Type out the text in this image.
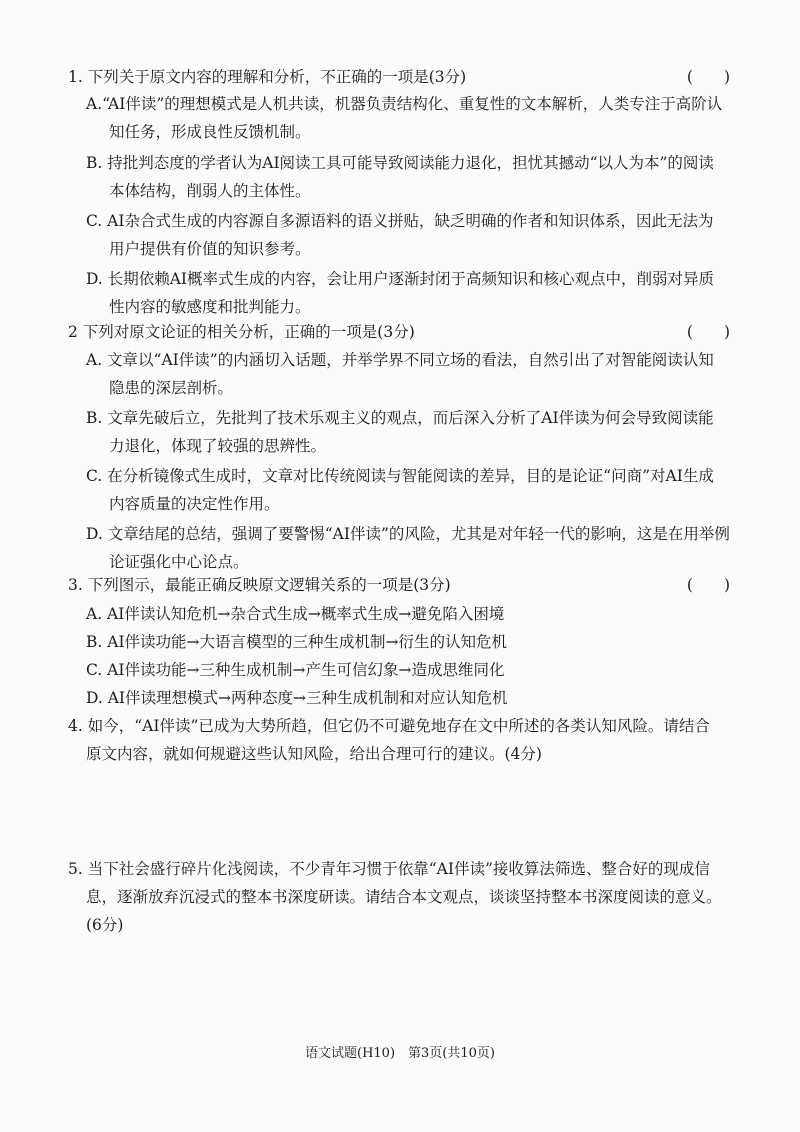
1. 下列关于原文内容的理解和分析，不正确的一项是(3分)	(　　)
A.“AI伴读”的理想模式是人机共读，机器负责结构化、重复性的文本解析，人类专注于高阶认
知任务，形成良性反馈机制。
B. 持批判态度的学者认为AI阅读工具可能导致阅读能力退化，担忧其撼动“以人为本”的阅读
本体结构，削弱人的主体性。
C. AI杂合式生成的内容源自多源语料的语义拼贴，缺乏明确的作者和知识体系，因此无法为
用户提供有价值的知识参考。
D. 长期依赖AI概率式生成的内容，会让用户逐渐封闭于高频知识和核心观点中，削弱对异质
性内容的敏感度和批判能力。
2 下列对原文论证的相关分析，正确的一项是(3分)	(　　)
A. 文章以“AI伴读”的内涵切入话题，并举学界不同立场的看法，自然引出了对智能阅读认知
隐患的深层剖析。
B. 文章先破后立，先批判了技术乐观主义的观点，而后深入分析了AI伴读为何会导致阅读能
力退化，体现了较强的思辨性。
C. 在分析镜像式生成时，文章对比传统阅读与智能阅读的差异，目的是论证“问商”对AI生成
内容质量的决定性作用。
D. 文章结尾的总结，强调了要警惕“AI伴读”的风险，尤其是对年轻一代的影响，这是在用举例
论证强化中心论点。
3. 下列图示，最能正确反映原文逻辑关系的一项是(3分)	(　　)
A. AI伴读认知危机→杂合式生成→概率式生成→避免陷入困境
B. AI伴读功能→大语言模型的三种生成机制→衍生的认知危机
C. AI伴读功能→三种生成机制→产生可信幻象→造成思维同化
D. AI伴读理想模式→两种态度→三种生成机制和对应认知危机
4. 如今，“AI伴读”已成为大势所趋，但它仍不可避免地存在文中所述的各类认知风险。请结合
原文内容，就如何规避这些认知风险，给出合理可行的建议。(4分)
5. 当下社会盛行碎片化浅阅读，不少青年习惯于依靠“AI伴读”接收算法筛选、整合好的现成信
息，逐渐放弃沉浸式的整本书深度研读。请结合本文观点，谈谈坚持整本书深度阅读的意义。
(6分)
语文试题(H10)　第3页(共10页)
